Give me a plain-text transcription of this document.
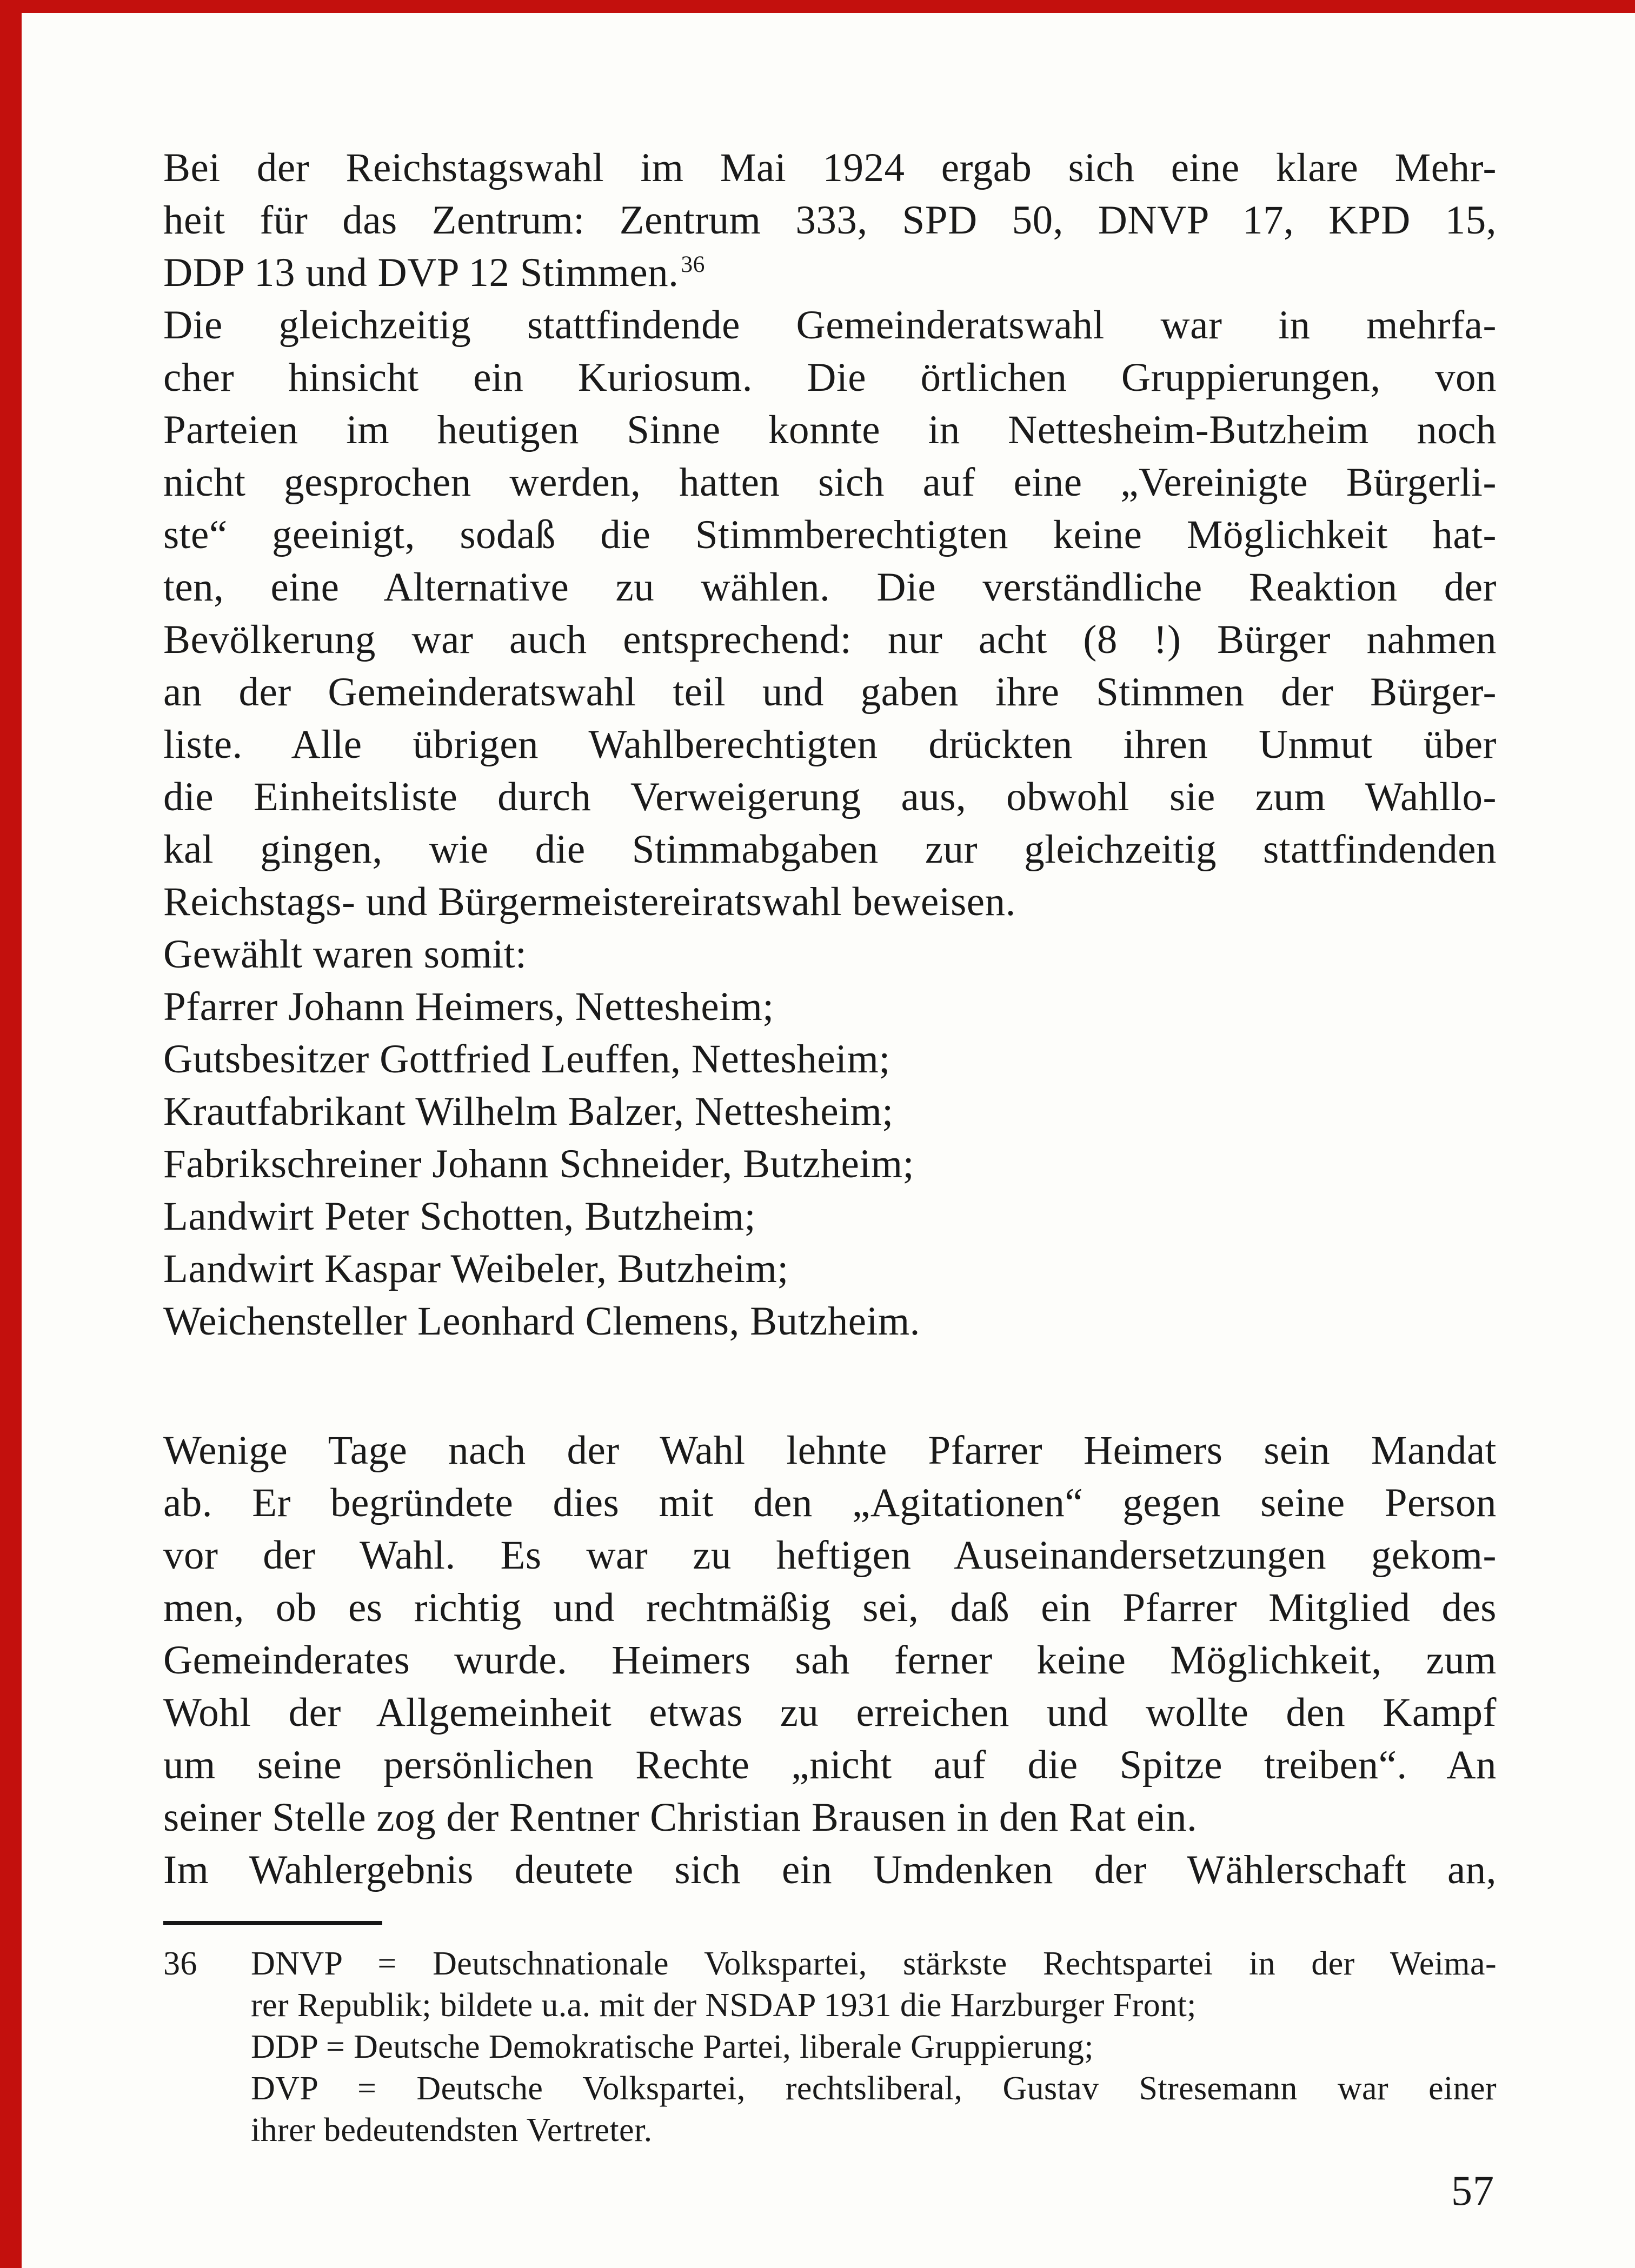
Bei der Reichstagswahl im Mai 1924 ergab sich eine klare Mehr-
heit für das Zentrum: Zentrum 333, SPD 50, DNVP 17, KPD 15,
DDP 13 und DVP 12 Stimmen.$^{36}$
Die gleichzeitig stattfindende Gemeinderatswahl war in mehrfa-
cher hinsicht ein Kuriosum. Die örtlichen Gruppierungen, von
Parteien im heutigen Sinne konnte in Nettesheim-Butzheim noch
nicht gesprochen werden, hatten sich auf eine „Vereinigte Bürgerli-
ste“ geeinigt, sodaß die Stimmberechtigten keine Möglichkeit hat-
ten, eine Alternative zu wählen. Die verständliche Reaktion der
Bevölkerung war auch entsprechend: nur acht (8 !) Bürger nahmen
an der Gemeinderatswahl teil und gaben ihre Stimmen der Bürger-
liste. Alle übrigen Wahlberechtigten drückten ihren Unmut über
die Einheitsliste durch Verweigerung aus, obwohl sie zum Wahllo-
kal gingen, wie die Stimmabgaben zur gleichzeitig stattfindenden
Reichstags- und Bürgermeistereiratswahl beweisen.
Gewählt waren somit:
Pfarrer Johann Heimers, Nettesheim;
Gutsbesitzer Gottfried Leuffen, Nettesheim;
Krautfabrikant Wilhelm Balzer, Nettesheim;
Fabrikschreiner Johann Schneider, Butzheim;
Landwirt Peter Schotten, Butzheim;
Landwirt Kaspar Weibeler, Butzheim;
Weichensteller Leonhard Clemens, Butzheim.
Wenige Tage nach der Wahl lehnte Pfarrer Heimers sein Mandat
ab. Er begründete dies mit den „Agitationen“ gegen seine Person
vor der Wahl. Es war zu heftigen Auseinandersetzungen gekom-
men, ob es richtig und rechtmäßig sei, daß ein Pfarrer Mitglied des
Gemeinderates wurde. Heimers sah ferner keine Möglichkeit, zum
Wohl der Allgemeinheit etwas zu erreichen und wollte den Kampf
um seine persönlichen Rechte „nicht auf die Spitze treiben“. An
seiner Stelle zog der Rentner Christian Brausen in den Rat ein.
Im Wahlergebnis deutete sich ein Umdenken der Wählerschaft an,
36	DNVP = Deutschnationale Volkspartei, stärkste Rechtspartei in der Weima-
rer Republik; bildete u.a. mit der NSDAP 1931 die Harzburger Front;
DDP = Deutsche Demokratische Partei, liberale Gruppierung;
DVP = Deutsche Volkspartei, rechtsliberal, Gustav Stresemann war einer
ihrer bedeutendsten Vertreter.
57
